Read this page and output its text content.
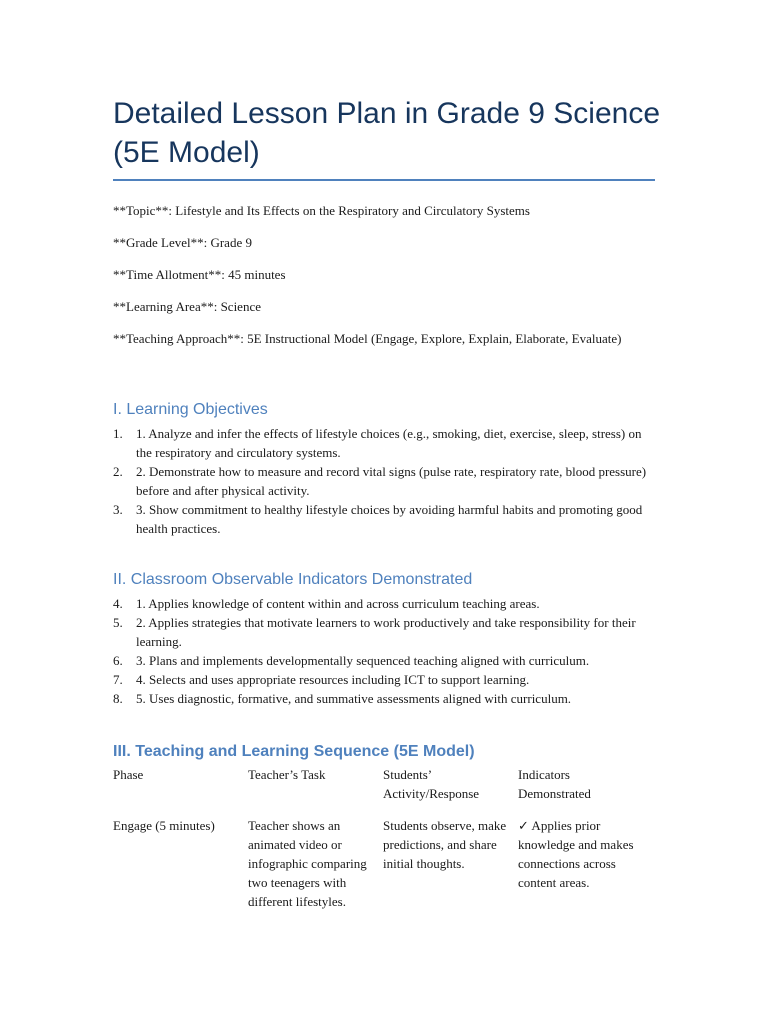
Detailed Lesson Plan in Grade 9 Science (5E Model)

**Topic**: Lifestyle and Its Effects on the Respiratory and Circulatory Systems

**Grade Level**: Grade 9

**Time Allotment**: 45 minutes

**Learning Area**: Science

**Teaching Approach**: 5E Instructional Model (Engage, Explore, Explain, Elaborate, Evaluate)

I. Learning Objectives
1. 1. Analyze and infer the effects of lifestyle choices (e.g., smoking, diet, exercise, sleep, stress) on the respiratory and circulatory systems.
2. 2. Demonstrate how to measure and record vital signs (pulse rate, respiratory rate, blood pressure) before and after physical activity.
3. 3. Show commitment to healthy lifestyle choices by avoiding harmful habits and promoting good health practices.
II. Classroom Observable Indicators Demonstrated
4. 1. Applies knowledge of content within and across curriculum teaching areas.
5. 2. Applies strategies that motivate learners to work productively and take responsibility for their learning.
6. 3. Plans and implements developmentally sequenced teaching aligned with curriculum.
7. 4. Selects and uses appropriate resources including ICT to support learning.
8. 5. Uses diagnostic, formative, and summative assessments aligned with curriculum.
III. Teaching and Learning Sequence (5E Model)
Phase	Teacher’s Task	Students’ Activity/Response	Indicators Demonstrated

Engage (5 minutes)	Teacher shows an animated video or infographic comparing two teenagers with different lifestyles.	Students observe, make predictions, and share initial thoughts.	✓ Applies prior knowledge and makes connections across content areas.
